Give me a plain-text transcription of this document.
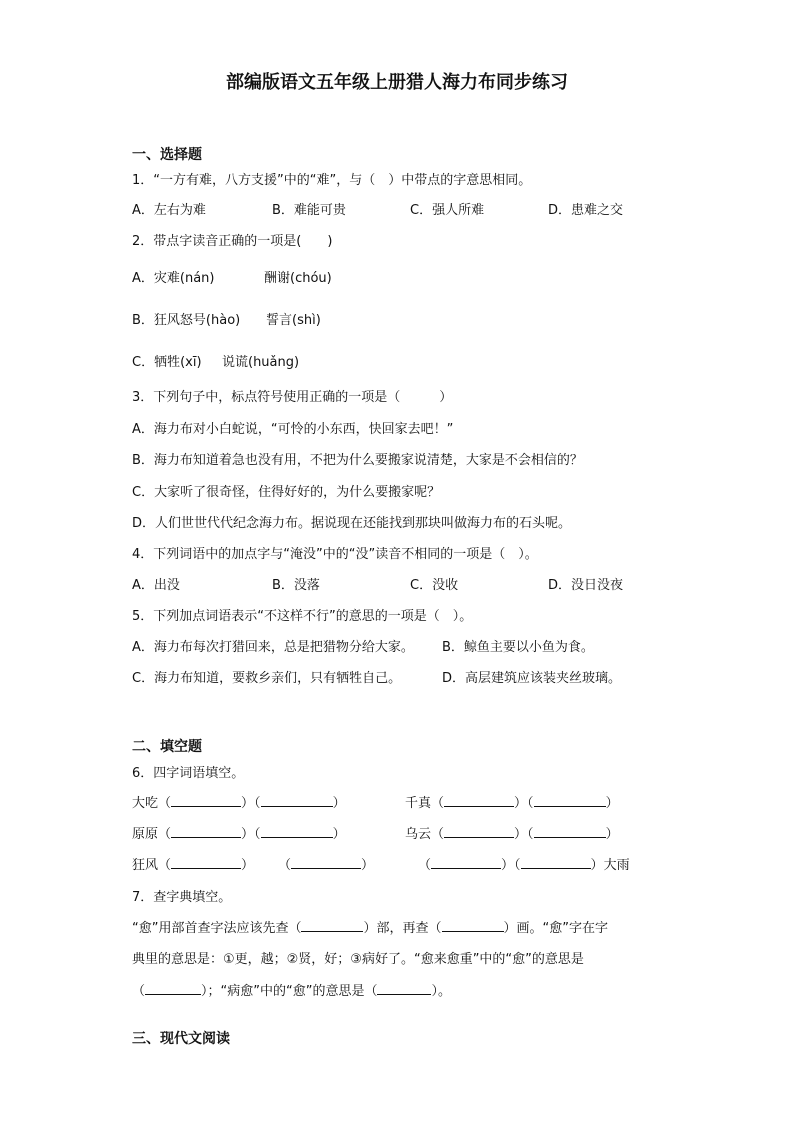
部编版语文五年级上册猎人海力布同步练习
一、选择题
1．“一方有难，八方支援”中的“难”，与（　）中带点的字意思相同。
A．左右为难	B．难能可贵	C．强人所难	D．患难之交
2．带点字读音正确的一项是(　　)
A．灾难(nán)	酬谢(chóu)
B．狂风怒号(hào) 誓言(shì)
C．牺牲(xī) 说谎(huǎng)
3．下列句子中，标点符号使用正确的一项是（　　　）
A．海力布对小白蛇说，“可怜的小东西，快回家去吧！”
B．海力布知道着急也没有用，不把为什么要搬家说清楚，大家是不会相信的？
C．大家听了很奇怪，住得好好的，为什么要搬家呢？
D．人们世世代代纪念海力布。据说现在还能找到那块叫做海力布的石头呢。
4．下列词语中的加点字与“淹没”中的“没”读音不相同的一项是（　）。
A．出没	B．没落	C．没收	D．没日没夜
5．下列加点词语表示“不这样不行”的意思的一项是（　）。
A．海力布每次打猎回来，总是把猎物分给大家。 B．鲸鱼主要以小鱼为食。
C．海力布知道，要救乡亲们，只有牺牲自己。	D．高层建筑应该装夹丝玻璃。
二、填空题
6．四字词语填空。
大吃（	）（	）	千真（	）（	）
原原（	）（	）	乌云（	）（	）
狂风（	） （	）	（	）（	）大雨
7．查字典填空。
“愈”用部首查字法应该先查（	）部，再查（	）画。“愈”字在字
典里的意思是：①更，越；②贤，好；③病好了。“愈来愈重”中的“愈”的意思是
（	）；“病愈”中的“愈”的意思是（	）。
三、现代文阅读
